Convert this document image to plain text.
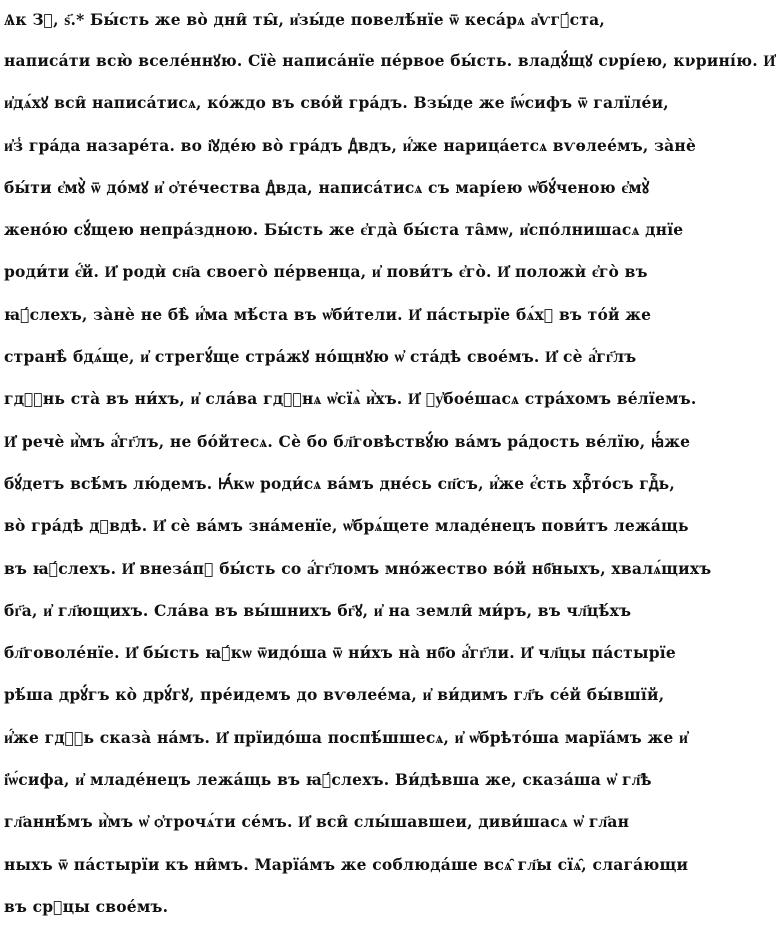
Ѧк Зⷣ, ѕ҃.* Бы́сть же во̀ дни̑ ты̑, и҆зы́де повелѣ́нїе ѿ кеса́рѧ а҆ѵгꙋ́ста,
написа́ти всю̀ вселе́ннꙋю. Сїѐ написа́нїе пе́рвое бы́сть. владꙋ́щꙋ сνрі́ею, кνрині́ю. И҆
и҆дѧ́хꙋ вси̑ написа́тисѧ, ко́ждо въ сво́й гра́дъ. Взы́де же і҆ѡ́сифъ ѿ галїле́и,
и҆з̾ гра́да назаре́та. во і҆ꙋде́ю во̀ гра́дъ дⷣвдъ, и҆́же нарица́етсѧ вѵѳлее́мъ, за̀нѐ
бы́ти є҆мꙋ̀ ѿ до́мꙋ и҆ ѻ҆те́чества дⷣвда, написа́тисѧ съ марі́ею ѡ҆бꙋ́ченою є҆мꙋ̀
жено́ю сꙋ́щею непра́здною. Бы́сть же є҆гда̀ бы́ста та̑мѡ, и҆спо́лнишасѧ днїе
роди́ти є҆́й. И҆ родѝ сн҃а своего̀ пе́рвенца, и҆ пови́тъ є҆го̀. И҆ положѝ є҆го̀ въ
ꙗ҆́слехъ, за̀нѐ не бѣ̀ и҆́ма мѣ́ста въ ѡ҆би́тели. И҆ па́стырїе бѧ́хꙋ въ то́й же
странѣ̀ бдѧ́ще, и҆ стрегꙋ́ще стра́жꙋ но́щнꙋю ѡ҆ ста́дѣ свое́мъ. И҆ сѐ а҆́гг҃лъ
гдⷭ҇нь ста̀ въ ни́хъ, и҆ сла́ва гдⷭ҇нѧ ѡ҆сїѧ̀ и҆̀хъ. И҆ ᲂу҆бое́шасѧ стра́хомъ ве́лїемъ.
И҆ речѐ и҆̀мъ а҆́гг҃лъ, не бо́йтесѧ. Сѐ бо бл҃говѣствꙋ́ю ва́мъ ра́дость ве́лїю, ꙗ҆́же
бꙋ́детъ всѣ́мъ лю́демъ. Ꙗ҆́кѡ роди́сѧ ва́мъ дне́сь сп҃съ, и҆́же є҆́сть хрⷭ҇то́съ гдⷭ҇ь,
во̀ гра́дѣ дⷣвдѣ. И҆ сѐ ва́мъ зна́менїе, ѡ҆брѧ́щете младе́нецъ пови́тъ лежа́щь
въ ꙗ҆́слехъ. И҆ внеза́пꙋ бы́сть со а҆́гг҃ломъ мно́жество во́й нб҃ныхъ, хвалѧ́щихъ
бг҃а, и҆ гл҃ющихъ. Сла́ва въ вы́шнихъ бг҃ꙋ, и҆ на земли̑ ми́ръ, въ чл҃цѣ́хъ
бл҃говоле́нїе. И҆ бы́сть ꙗ҆́кѡ ѿидо́ша ѿ ни́хъ на̀ нб҃о а҆́гг҃ли. И҆ чл҃цы па́стырїе
рѣ́ша дрꙋ́гъ ко̀ дрꙋ́гꙋ, пре́идемъ до вѵѳлее́ма, и҆ ви́димъ гл҃ъ се́й бы́вшїй,
и҆́же гдⷭ҇ь сказа̀ на́мъ. И҆ прїидо́ша поспѣ́шшесѧ, и҆ ѡ҆брѣто́ша марїа́мъ же и҆
і҆ѡ́сифа, и҆ младе́нецъ лежа́щь въ ꙗ҆́слехъ. Ви́дѣвша же, сказа́ша ѡ҆ гл҃ѣ
гл҃аннѣ́мъ и҆̀мъ ѡ҆ ѻ҆трочѧ́ти се́мъ. И҆ вси̑ слы́шавшеи, диви́шасѧ ѡ҆ гл҃ан
ныхъ ѿ па́стырїи къ ни̑мъ. Марїа́мъ же соблюда́ше всѧ̑ гл҃ы сїѧ̑, слага́ющи
въ срⷣцы свое́мъ.
